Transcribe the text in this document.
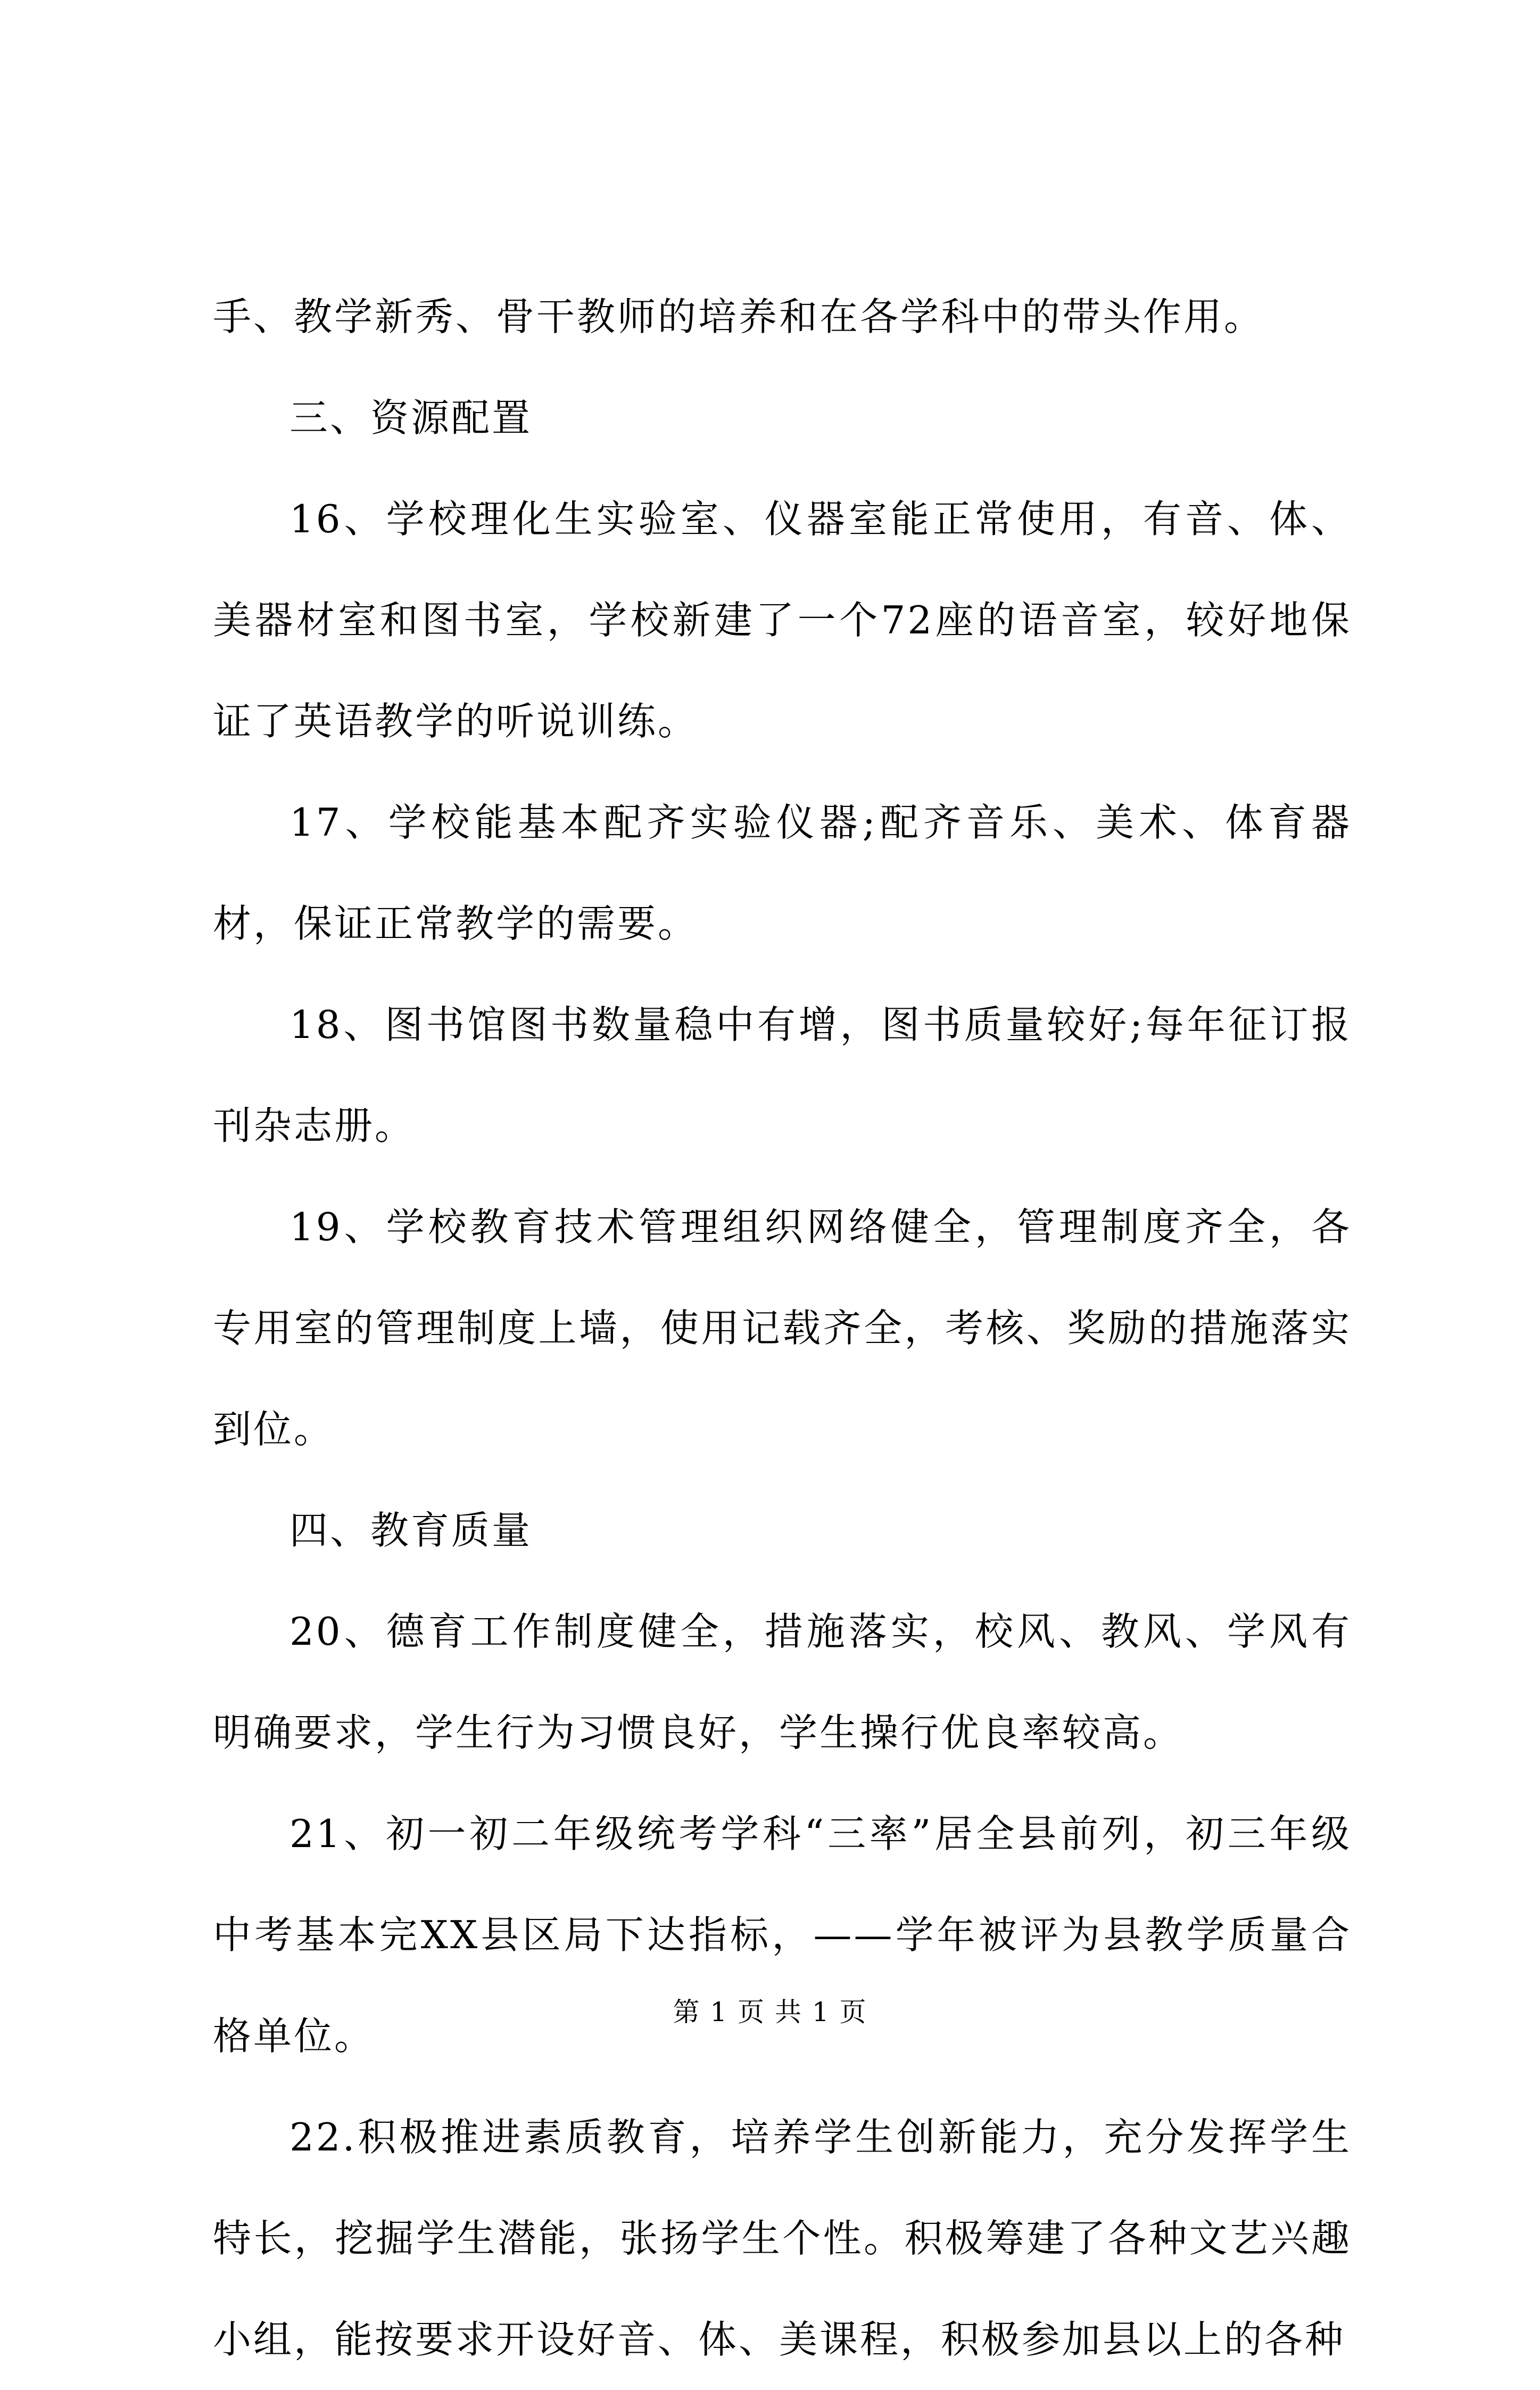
手、教学新秀、骨干教师的培养和在各学科中的带头作用。

三、资源配置

16、学校理化生实验室、仪器室能正常使用，有音、体、美器材室和图书室，学校新建了一个72座的语音室，较好地保证了英语教学的听说训练。

17、学校能基本配齐实验仪器;配齐音乐、美术、体育器材，保证正常教学的需要。

18、图书馆图书数量稳中有增，图书质量较好;每年征订报刊杂志册。

19、学校教育技术管理组织网络健全，管理制度齐全，各专用室的管理制度上墙，使用记载齐全，考核、奖励的措施落实到位。

四、教育质量

20、德育工作制度健全，措施落实，校风、教风、学风有明确要求，学生行为习惯良好，学生操行优良率较高。

21、初一初二年级统考学科“三率”居全县前列，初三年级中考基本完XX县区局下达指标，——学年被评为县教学质量合格单位。

22.积极推进素质教育，培养学生创新能力，充分发挥学生特长，挖掘学生潜能，张扬学生个性。积极筹建了各种文艺兴趣小组，能按要求开设好音、体、美课程，积极参加县以上的各种

第 1 页 共 1 页
